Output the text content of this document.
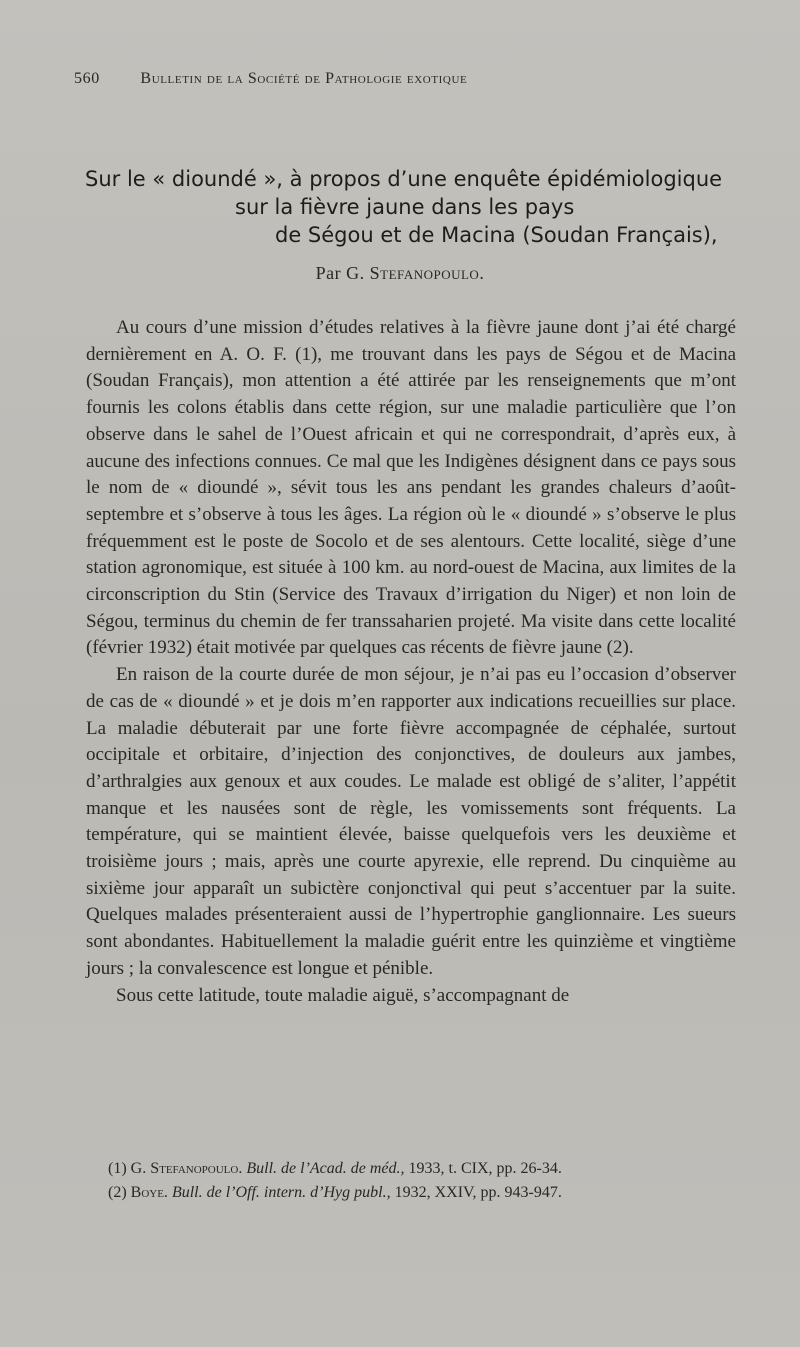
560	Bulletin de la Société de Pathologie exotique
Sur le « dioundé », à propos d’une enquête épidémiologique
sur la fièvre jaune dans les pays
de Ségou et de Macina (Soudan Français),
Par G. Stefanopoulo.

Au cours d’une mission d’études relatives à la fièvre jaune dont j’ai été chargé dernièrement en A. O. F. (1), me trouvant dans les pays de Ségou et de Macina (Soudan Français), mon attention a été attirée par les renseignements que m’ont fournis les colons établis dans cette région, sur une maladie particulière que l’on observe dans le sahel de l’Ouest africain et qui ne correspondrait, d’après eux, à aucune des infections connues. Ce mal que les Indigènes désignent dans ce pays sous le nom de « dioundé », sévit tous les ans pendant les grandes chaleurs d’août-septembre et s’observe à tous les âges. La région où le « dioundé » s’observe le plus fréquemment est le poste de Socolo et de ses alentours. Cette localité, siège d’une station agronomique, est située à 100 km. au nord-ouest de Macina, aux limites de la circonscription du Stin (Service des Travaux d’irrigation du Niger) et non loin de Ségou, terminus du chemin de fer transsaharien projeté. Ma visite dans cette localité (février 1932) était motivée par quelques cas récents de fièvre jaune (2).

En raison de la courte durée de mon séjour, je n’ai pas eu l’occasion d’observer de cas de « dioundé » et je dois m’en rapporter aux indications recueillies sur place. La maladie débuterait par une forte fièvre accompagnée de céphalée, surtout occipitale et orbitaire, d’injection des conjonctives, de douleurs aux jambes, d’arthralgies aux genoux et aux coudes. Le malade est obligé de s’aliter, l’appétit manque et les nausées sont de règle, les vomissements sont fréquents. La température, qui se maintient élevée, baisse quelquefois vers les deuxième et troisième jours ; mais, après une courte apyrexie, elle reprend. Du cinquième au sixième jour apparaît un subictère conjonctival qui peut s’accentuer par la suite. Quelques malades présenteraient aussi de l’hypertrophie ganglionnaire. Les sueurs sont abondantes. Habituellement la maladie guérit entre les quinzième et vingtième jours ; la convalescence est longue et pénible.

Sous cette latitude, toute maladie aiguë, s’accompagnant de

(1) G. Stefanopoulo. Bull. de l’Acad. de méd., 1933, t. CIX, pp. 26-34.
(2) Boye. Bull. de l’Off. intern. d’Hyg publ., 1932, XXIV, pp. 943-947.
